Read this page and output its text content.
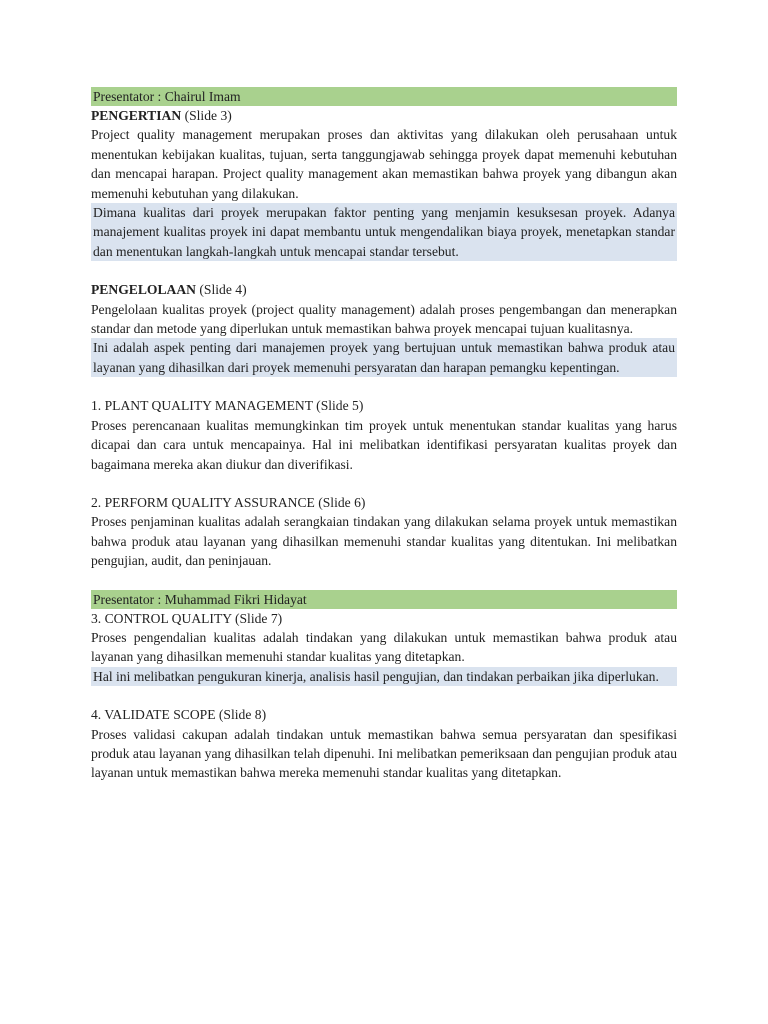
Presentator : Chairul Imam
PENGERTIAN (Slide 3)
Project quality management merupakan proses dan aktivitas yang dilakukan oleh perusahaan untuk menentukan kebijakan kualitas, tujuan, serta tanggungjawab sehingga proyek dapat memenuhi kebutuhan dan mencapai harapan. Project quality management akan memastikan bahwa proyek yang dibangun akan memenuhi kebutuhan yang dilakukan.
Dimana kualitas dari proyek merupakan faktor penting yang menjamin kesuksesan proyek. Adanya manajement kualitas proyek ini dapat membantu untuk mengendalikan biaya proyek, menetapkan standar dan menentukan langkah-langkah untuk mencapai standar tersebut.
PENGELOLAAN (Slide 4)
Pengelolaan kualitas proyek (project quality management) adalah proses pengembangan dan menerapkan standar dan metode yang diperlukan untuk memastikan bahwa proyek mencapai tujuan kualitasnya.
Ini adalah aspek penting dari manajemen proyek yang bertujuan untuk memastikan bahwa produk atau layanan yang dihasilkan dari proyek memenuhi persyaratan dan harapan pemangku kepentingan.
1. PLANT QUALITY MANAGEMENT (Slide 5)
Proses perencanaan kualitas memungkinkan tim proyek untuk menentukan standar kualitas yang harus dicapai dan cara untuk mencapainya. Hal ini melibatkan identifikasi persyaratan kualitas proyek dan bagaimana mereka akan diukur dan diverifikasi.
2. PERFORM QUALITY ASSURANCE (Slide 6)
Proses penjaminan kualitas adalah serangkaian tindakan yang dilakukan selama proyek untuk memastikan bahwa produk atau layanan yang dihasilkan memenuhi standar kualitas yang ditentukan. Ini melibatkan pengujian, audit, dan peninjauan.
Presentator : Muhammad Fikri Hidayat
3. CONTROL QUALITY (Slide 7)
Proses pengendalian kualitas adalah tindakan yang dilakukan untuk memastikan bahwa produk atau layanan yang dihasilkan memenuhi standar kualitas yang ditetapkan.
Hal ini melibatkan pengukuran kinerja, analisis hasil pengujian, dan tindakan perbaikan jika diperlukan.
4. VALIDATE SCOPE (Slide 8)
Proses validasi cakupan adalah tindakan untuk memastikan bahwa semua persyaratan dan spesifikasi produk atau layanan yang dihasilkan telah dipenuhi. Ini melibatkan pemeriksaan dan pengujian produk atau layanan untuk memastikan bahwa mereka memenuhi standar kualitas yang ditetapkan.
